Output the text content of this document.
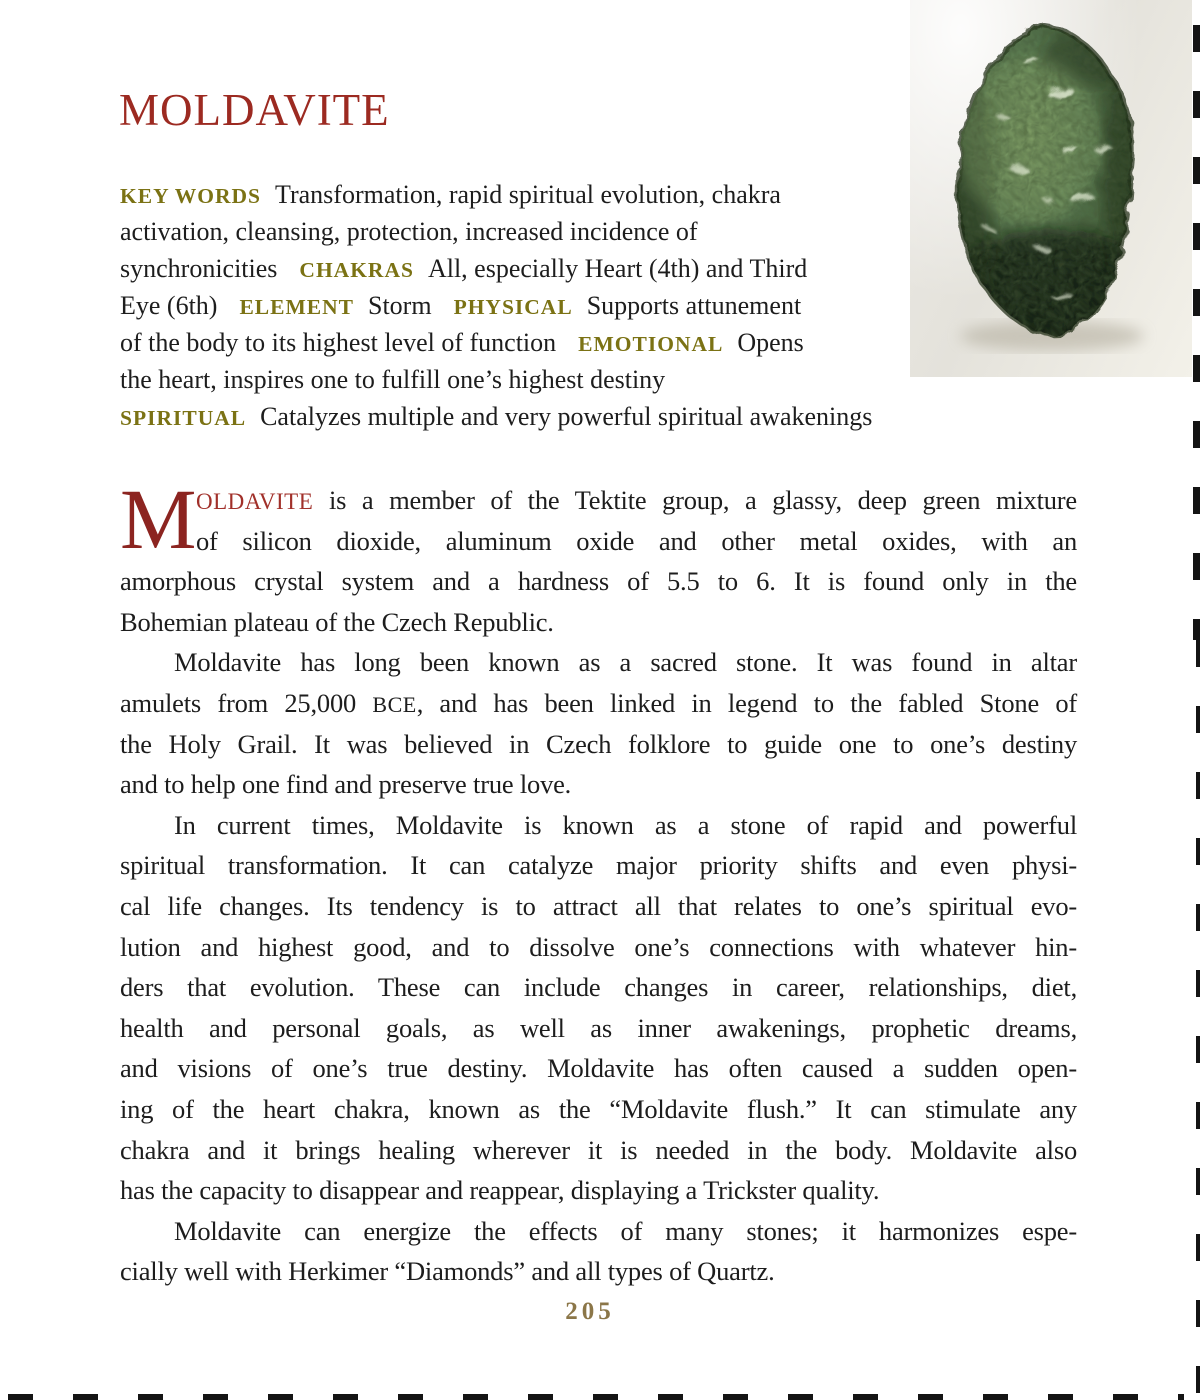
MOLDAVITE
KEY WORDS Transformation, rapid spiritual evolution, chakra
activation, cleansing, protection, increased incidence of
synchronicities CHAKRAS All, especially Heart (4th) and Third
Eye (6th) ELEMENT Storm PHYSICAL Supports attunement
of the body to its highest level of function EMOTIONAL Opens
the heart, inspires one to fulfill one’s highest destiny
SPIRITUAL Catalyzes multiple and very powerful spiritual awakenings
M OLDAVITE is a member of the Tektite group, a glassy, deep green mixture
of silicon dioxide, aluminum oxide and other metal oxides, with an
amorphous crystal system and a hardness of 5.5 to 6. It is found only in the
Bohemian plateau of the Czech Republic.
Moldavite has long been known as a sacred stone. It was found in altar
amulets from 25,000 BCE, and has been linked in legend to the fabled Stone of
the Holy Grail. It was believed in Czech folklore to guide one to one’s destiny
and to help one find and preserve true love.
In current times, Moldavite is known as a stone of rapid and powerful
spiritual transformation. It can catalyze major priority shifts and even physi-
cal life changes. Its tendency is to attract all that relates to one’s spiritual evo-
lution and highest good, and to dissolve one’s connections with whatever hin-
ders that evolution. These can include changes in career, relationships, diet,
health and personal goals, as well as inner awakenings, prophetic dreams,
and visions of one’s true destiny. Moldavite has often caused a sudden open-
ing of the heart chakra, known as the “Moldavite flush.” It can stimulate any
chakra and it brings healing wherever it is needed in the body. Moldavite also
has the capacity to disappear and reappear, displaying a Trickster quality.
Moldavite can energize the effects of many stones; it harmonizes espe-
cially well with Herkimer “Diamonds” and all types of Quartz.
205
